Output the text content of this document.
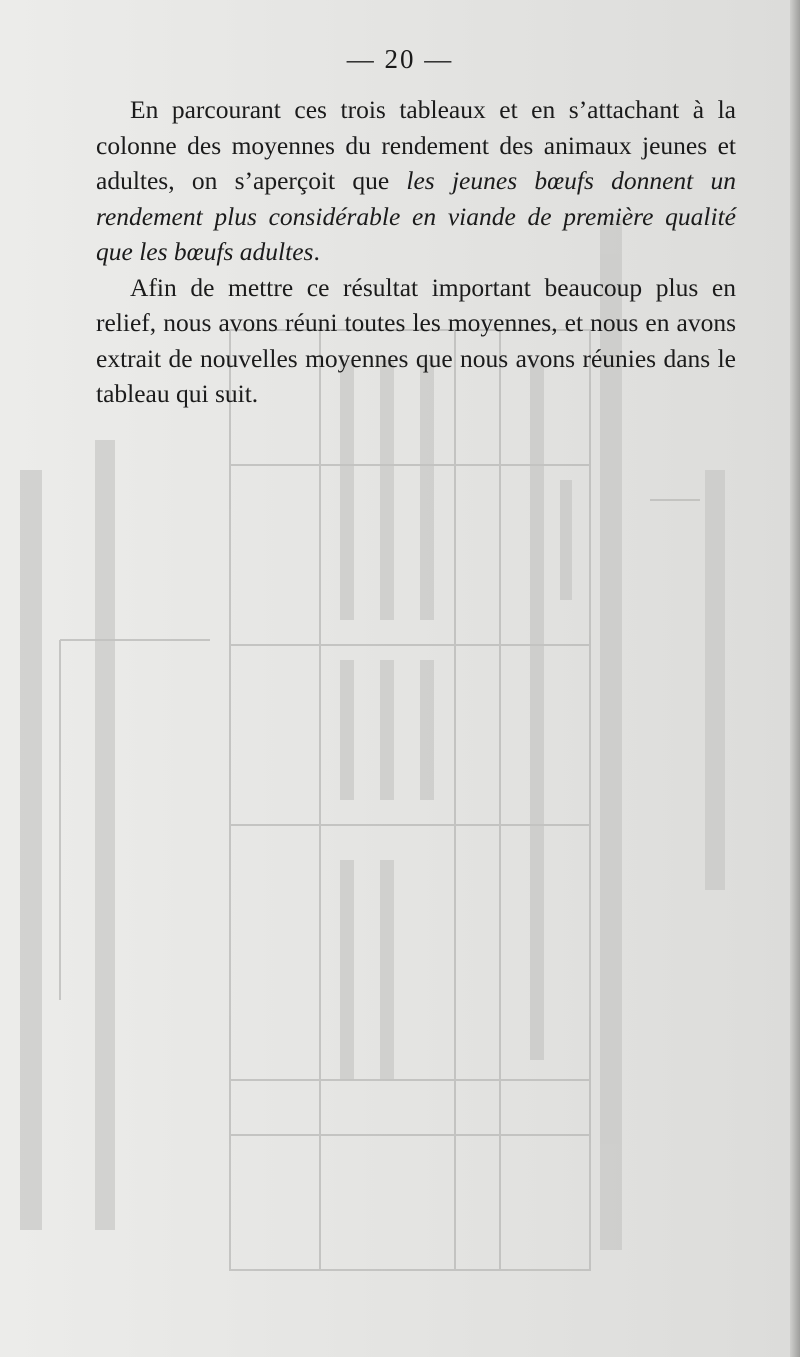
— 20 —

En parcourant ces trois tableaux et en s’attachant à la colonne des moyennes du rendement des animaux jeunes et adultes, on s’aperçoit que les jeunes bœufs donnent un rendement plus considérable en viande de première qualité que les bœufs adultes.

Afin de mettre ce résultat important beaucoup plus en relief, nous avons réuni toutes les moyennes, et nous en avons extrait de nouvelles moyennes que nous avons réunies dans le tableau qui suit.
